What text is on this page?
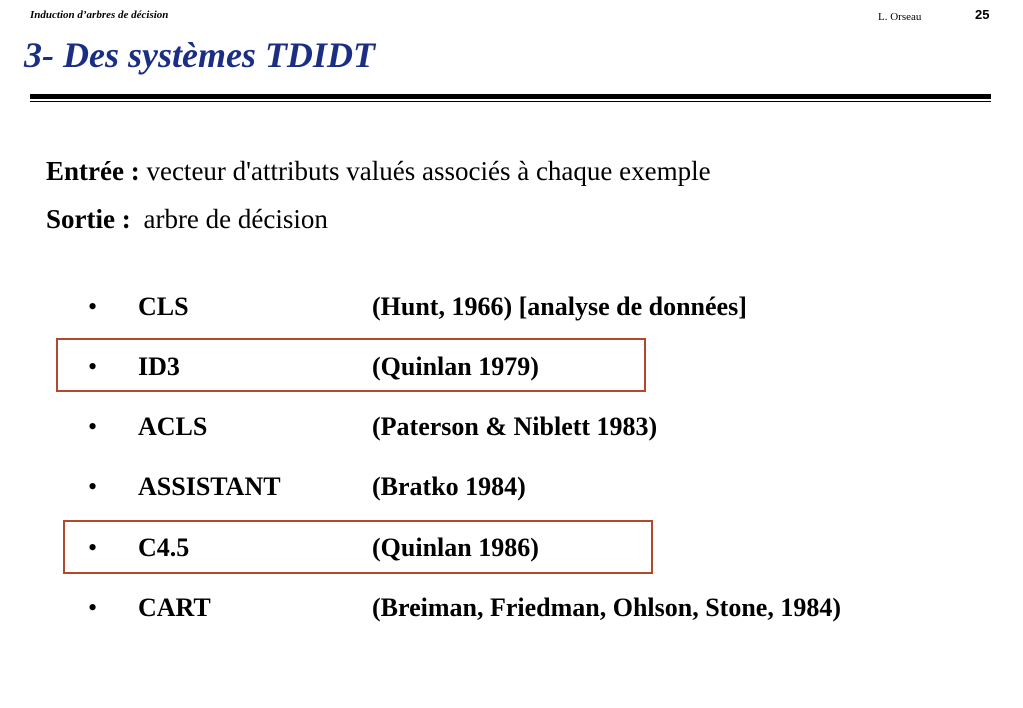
Induction d’arbres de décision	L. Orseau	25
3- Des systèmes TDIDT
Entrée : vecteur d'attributs valués associés à chaque exemple
Sortie : arbre de décision
• CLS	(Hunt, 1966) [analyse de données]
• ID3	(Quinlan 1979)
• ACLS	(Paterson & Niblett 1983)
• ASSISTANT	(Bratko 1984)
• C4.5	(Quinlan 1986)
• CART	(Breiman, Friedman, Ohlson, Stone, 1984)
